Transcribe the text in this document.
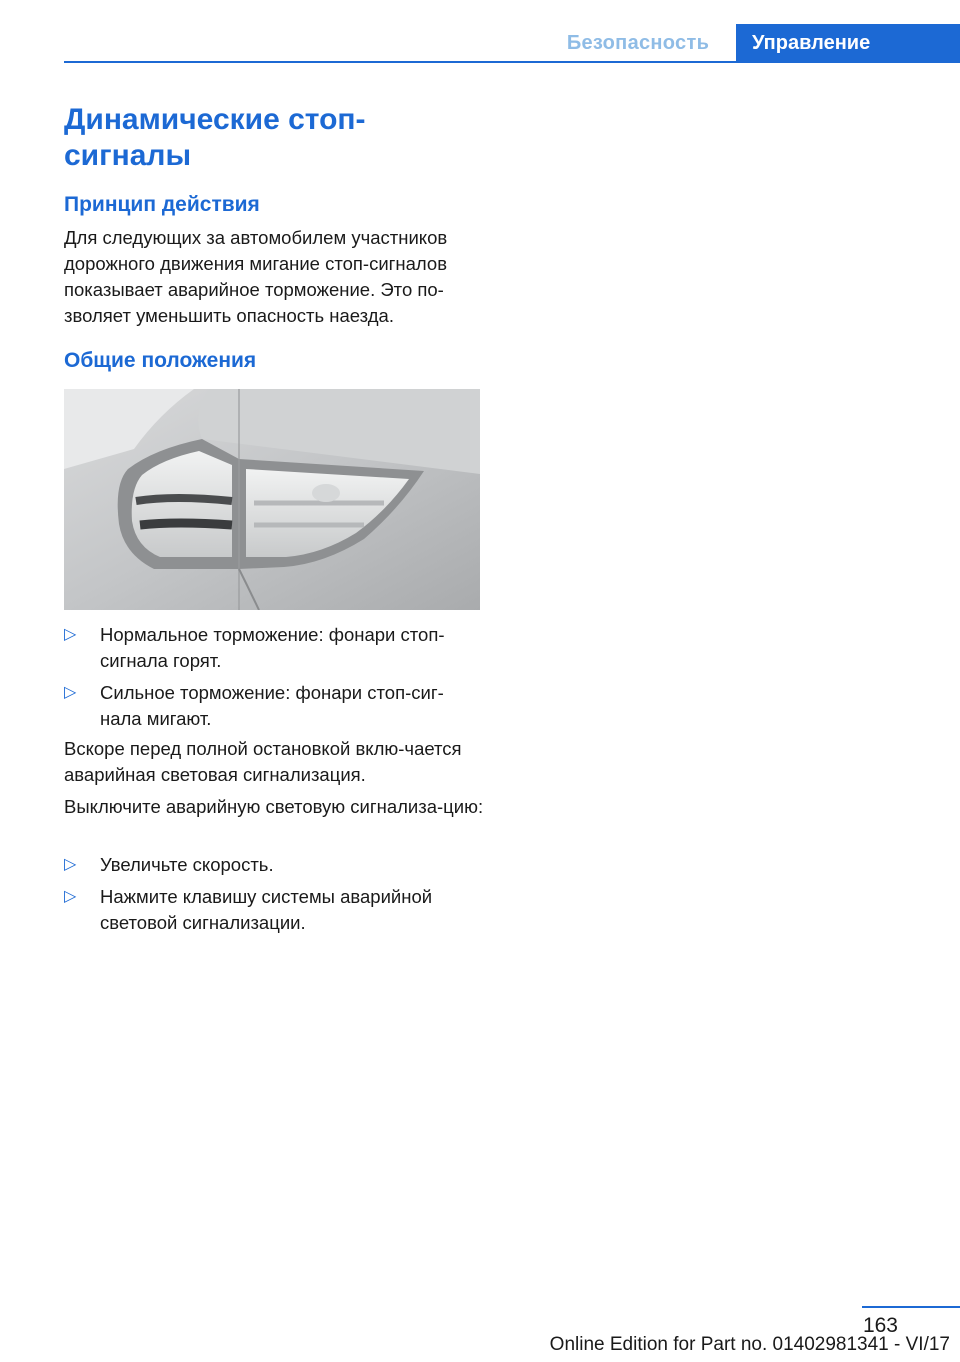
Безопасность	Управление
Динамические стоп-сигналы
Принцип действия

Для следующих за автомобилем участников дорожного движения мигание стоп-сигналов показывает аварийное торможение. Это по-зволяет уменьшить опасность наезда.

Общие положения
▷ Нормальное торможение: фонари стоп-сигнала горят.
▷ Сильное торможение: фонари стоп-сиг-нала мигают.

Вскоре перед полной остановкой вклю-чается аварийная световая сигнализация.

Выключите аварийную световую сигнализа-цию:

▷ Увеличьте скорость.
▷ Нажмите клавишу системы аварийной световой сигнализации.
163
Online Edition for Part no. 01402981341 - VI/17
